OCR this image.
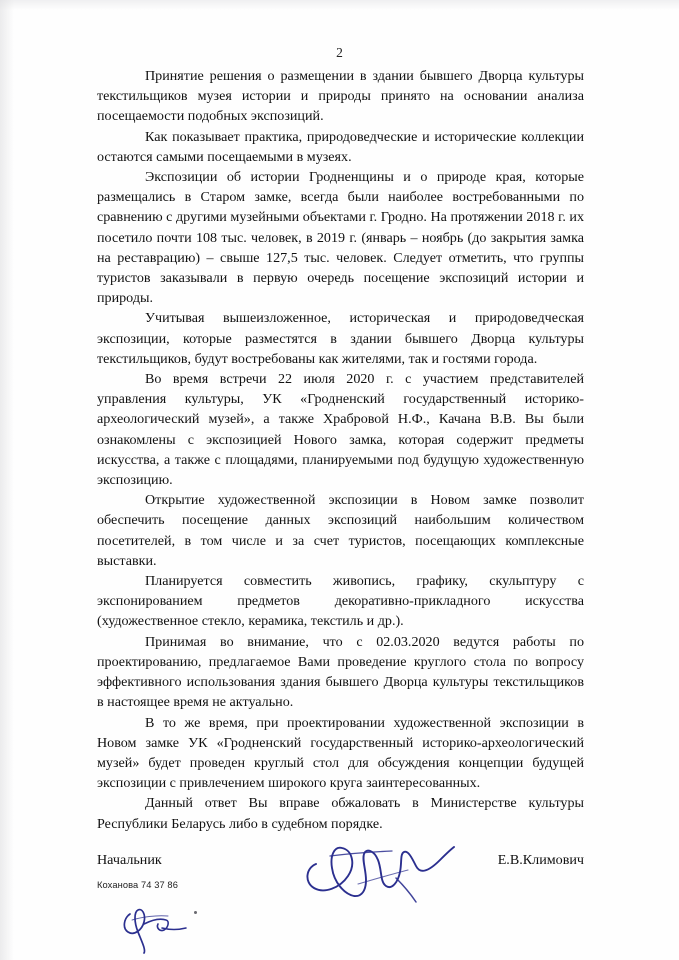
2

Принятие решения о размещении в здании бывшего Дворца культуры текстильщиков музея истории и природы принято на основании анализа посещаемости подобных экспозиций.

Как показывает практика, природоведческие и исторические коллекции остаются самыми посещаемыми в музеях.

Экспозиции об истории Гродненщины и о природе края, которые размещались в Старом замке, всегда были наиболее востребованными по сравнению с другими музейными объектами г. Гродно. На протяжении 2018 г. их посетило почти 108 тыс. человек, в 2019 г. (январь – ноябрь (до закрытия замка на реставрацию) – свыше 127,5 тыс. человек. Следует отметить, что группы туристов заказывали в первую очередь посещение экспозиций истории и природы.

Учитывая вышеизложенное, историческая и природоведческая экспозиции, которые разместятся в здании бывшего Дворца культуры текстильщиков, будут востребованы как жителями, так и гостями города.

Во время встречи 22 июля 2020 г. с участием представителей управления культуры, УК «Гродненский государственный историко-археологический музей», а также Храбровой Н.Ф., Качана В.В. Вы были ознакомлены с экспозицией Нового замка, которая содержит предметы искусства, а также с площадями, планируемыми под будущую художественную экспозицию.

Открытие художественной экспозиции в Новом замке позволит обеспечить посещение данных экспозиций наибольшим количеством посетителей, в том числе и за счет туристов, посещающих комплексные выставки.

Планируется совместить живопись, графику, скульптуру с экспонированием предметов декоративно-прикладного искусства (художественное стекло, керамика, текстиль и др.).

Принимая во внимание, что с 02.03.2020 ведутся работы по проектированию, предлагаемое Вами проведение круглого стола по вопросу эффективного использования здания бывшего Дворца культуры текстильщиков в настоящее время не актуально.

В то же время, при проектировании художественной экспозиции в Новом замке УК «Гродненский государственный историко-археологический музей» будет проведен круглый стол для обсуждения концепции будущей экспозиции с привлечением широкого круга заинтересованных.

Данный ответ Вы вправе обжаловать в Министерстве культуры Республики Беларусь либо в судебном порядке.

Начальник	Е.В.Климович
Коханова 74 37 86
